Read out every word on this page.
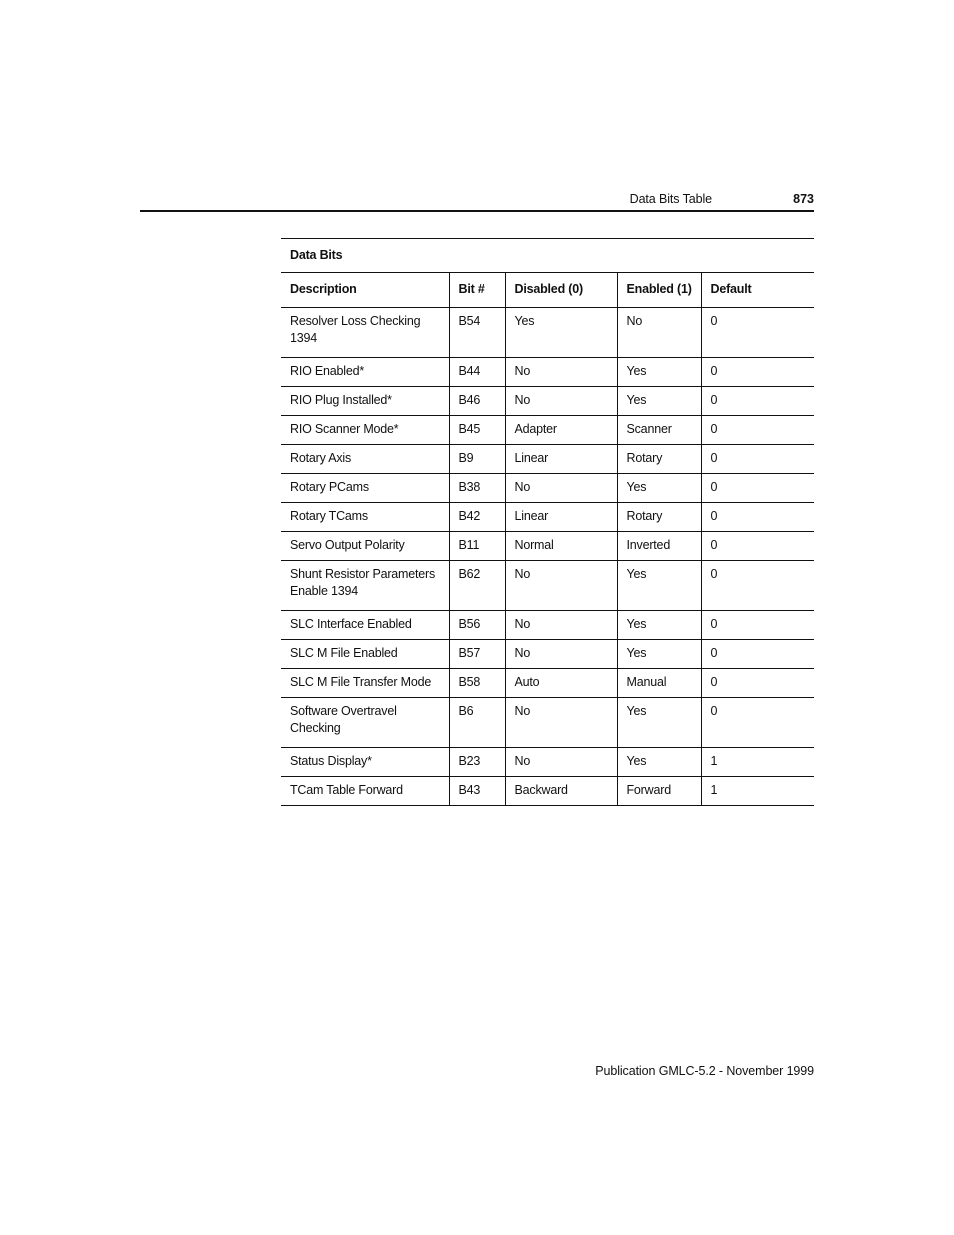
Data Bits Table	873
Data Bits				
Description	Bit #	Disabled (0)	Enabled (1)	Default
Resolver Loss Checking 1394	B54	Yes	No	0
RIO Enabled*	B44	No	Yes	0
RIO Plug Installed*	B46	No	Yes	0
RIO Scanner Mode*	B45	Adapter	Scanner	0
Rotary Axis	B9	Linear	Rotary	0
Rotary PCams	B38	No	Yes	0
Rotary TCams	B42	Linear	Rotary	0
Servo Output Polarity	B11	Normal	Inverted	0
Shunt Resistor Parameters Enable 1394	B62	No	Yes	0
SLC Interface Enabled	B56	No	Yes	0
SLC M File Enabled	B57	No	Yes	0
SLC M File Transfer Mode	B58	Auto	Manual	0
Software Overtravel Checking	B6	No	Yes	0
Status Display*	B23	No	Yes	1
TCam Table Forward	B43	Backward	Forward	1
Publication GMLC-5.2 - November 1999
